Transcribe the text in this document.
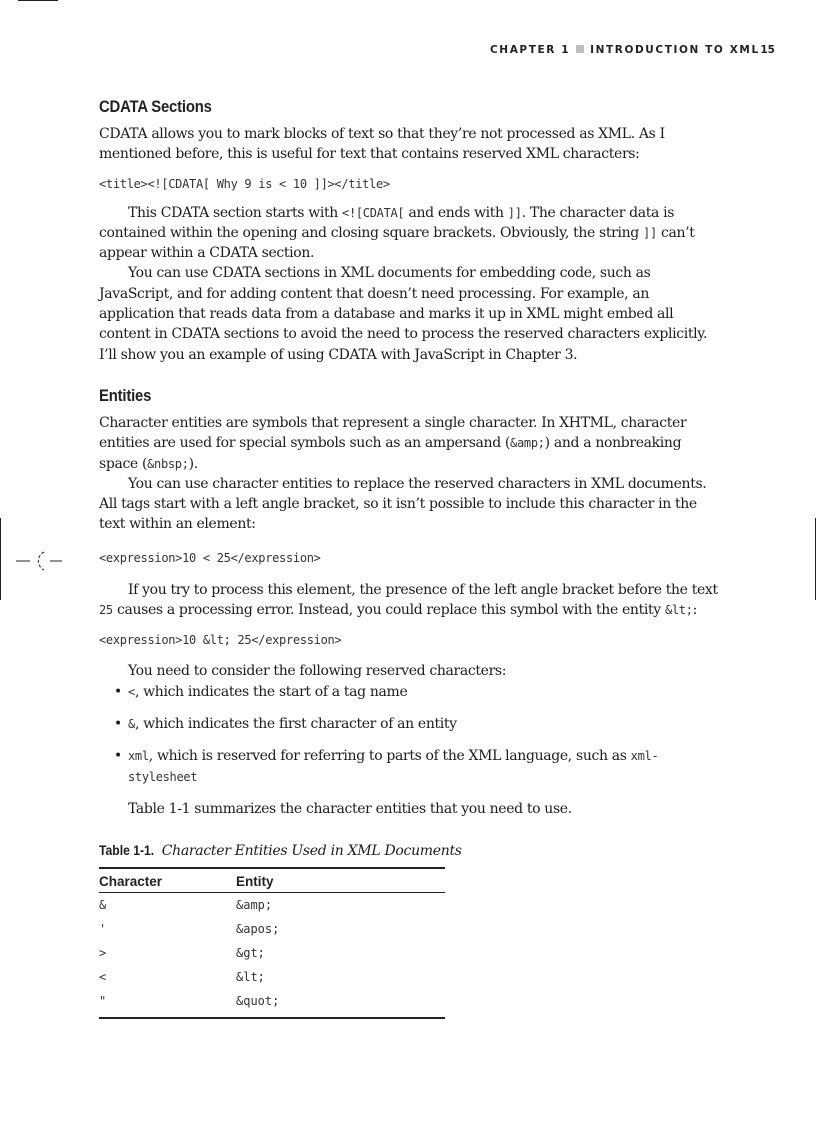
CHAPTER 1 INTRODUCTION TO XML 15
CDATA Sections

CDATA allows you to mark blocks of text so that they’re not processed as XML. As I mentioned before, this is useful for text that contains reserved XML characters:

<title><![CDATA[ Why 9 is < 10 ]]></title>

This CDATA section starts with <![CDATA[ and ends with ]]. The character data is contained within the opening and closing square brackets. Obviously, the string ]] can’t appear within a CDATA section.

You can use CDATA sections in XML documents for embedding code, such as JavaScript, and for adding content that doesn’t need processing. For example, an application that reads data from a database and marks it up in XML might embed all content in CDATA sections to avoid the need to process the reserved characters explicitly. I’ll show you an example of using CDATA with JavaScript in Chapter 3.

Entities

Character entities are symbols that represent a single character. In XHTML, character entities are used for special symbols such as an ampersand (&amp;) and a nonbreaking space (&nbsp;).

You can use character entities to replace the reserved characters in XML documents. All tags start with a left angle bracket, so it isn’t possible to include this character in the text within an element:

<expression>10 < 25</expression>

If you try to process this element, the presence of the left angle bracket before the text 25 causes a processing error. Instead, you could replace this symbol with the entity &lt;:

<expression>10 &lt; 25</expression>

You need to consider the following reserved characters:

• <, which indicates the start of a tag name
• &, which indicates the first character of an entity
• xml, which is reserved for referring to parts of the XML language, such as xml-stylesheet

Table 1-1 summarizes the character entities that you need to use.

Table 1-1. Character Entities Used in XML Documents
Character	Entity
&	&amp;
'	&apos;
>	&gt;
<	&lt;
"	&quot;
